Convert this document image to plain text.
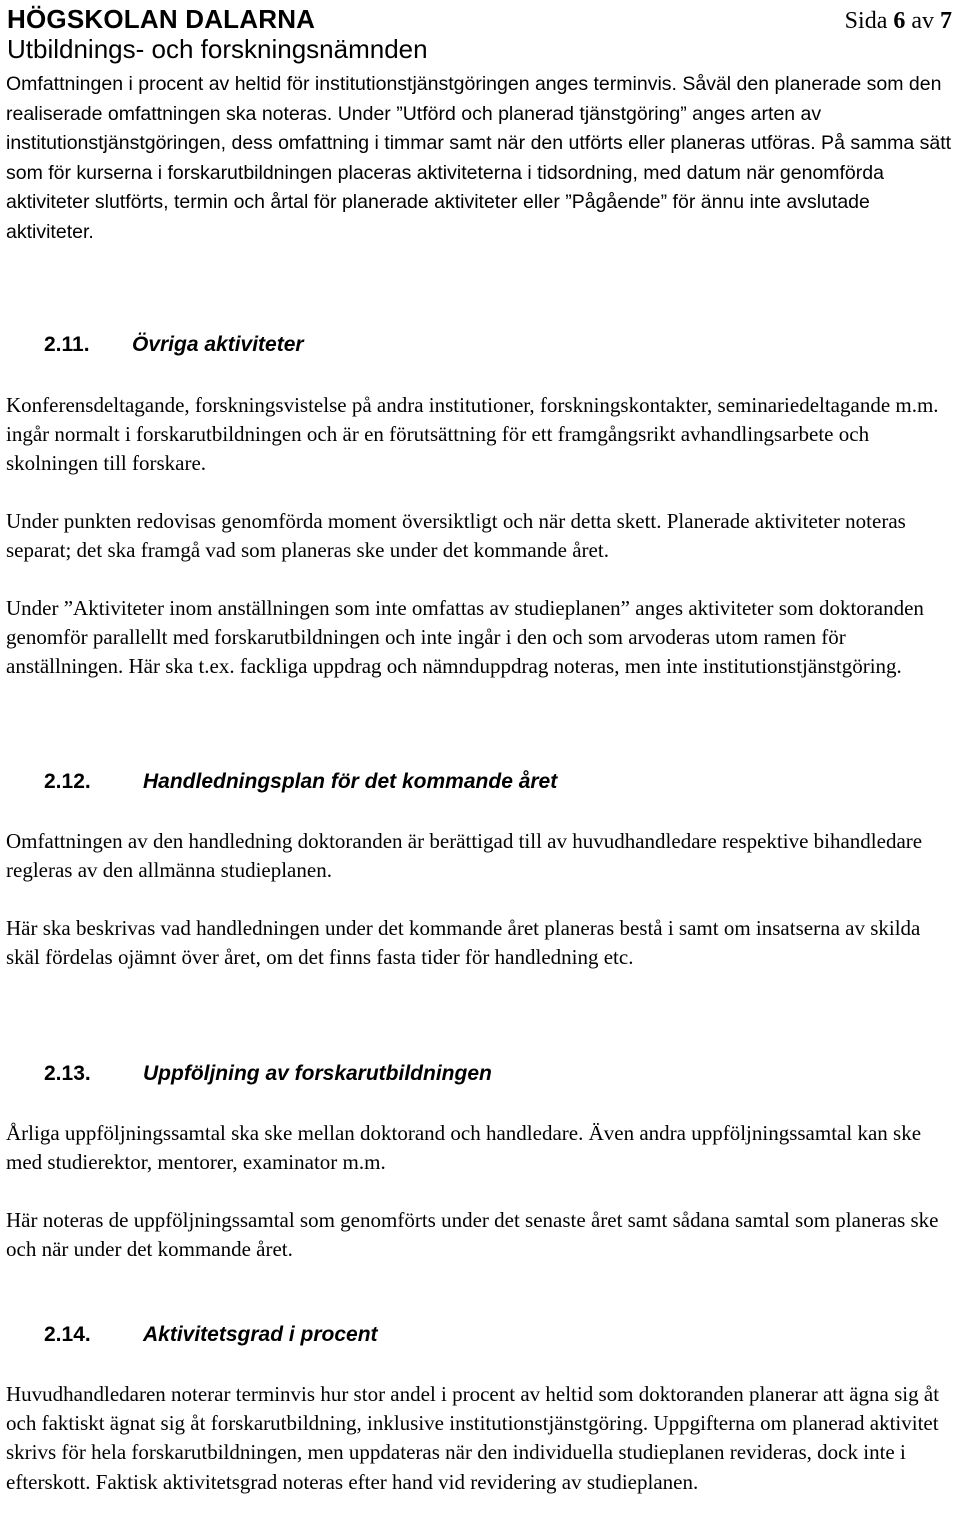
HÖGSKOLAN DALARNA
Utbildnings- och forskningsnämnden
Sida 6 av 7

Omfattningen i procent av heltid för institutionstjänstgöringen anges terminvis. Såväl den planerade som den realiserade omfattningen ska noteras. Under ”Utförd och planerad tjänstgöring” anges arten av institutionstjänstgöringen, dess omfattning i timmar samt när den utförts eller planeras utföras. På samma sätt som för kurserna i forskarutbildningen placeras aktiviteterna i tidsordning, med datum när genomförda aktiviteter slutförts, termin och årtal för planerade aktiviteter eller ”Pågående” för ännu inte avslutade aktiviteter.

2.11. Övriga aktiviteter

Konferensdeltagande, forskningsvistelse på andra institutioner, forskningskontakter, seminariedeltagande m.m. ingår normalt i forskarutbildningen och är en förutsättning för ett framgångsrikt avhandlingsarbete och skolningen till forskare.

Under punkten redovisas genomförda moment översiktligt och när detta skett. Planerade aktiviteter noteras separat; det ska framgå vad som planeras ske under det kommande året.

Under ”Aktiviteter inom anställningen som inte omfattas av studieplanen” anges aktiviteter som doktoranden genomför parallellt med forskarutbildningen och inte ingår i den och som arvoderas utom ramen för anställningen. Här ska t.ex. fackliga uppdrag och nämnduppdrag noteras, men inte institutionstjänstgöring.

2.12. Handledningsplan för det kommande året

Omfattningen av den handledning doktoranden är berättigad till av huvudhandledare respektive bihandledare regleras av den allmänna studieplanen.

Här ska beskrivas vad handledningen under det kommande året planeras bestå i samt om insatserna av skilda skäl fördelas ojämnt över året, om det finns fasta tider för handledning etc.

2.13. Uppföljning av forskarutbildningen

Årliga uppföljningssamtal ska ske mellan doktorand och handledare. Även andra uppföljningssamtal kan ske med studierektor, mentorer, examinator m.m.

Här noteras de uppföljningssamtal som genomförts under det senaste året samt sådana samtal som planeras ske och när under det kommande året.

2.14. Aktivitetsgrad i procent

Huvudhandledaren noterar terminvis hur stor andel i procent av heltid som doktoranden planerar att ägna sig åt och faktiskt ägnat sig åt forskarutbildning, inklusive institutionstjänstgöring. Uppgifterna om planerad aktivitet skrivs för hela forskarutbildningen, men uppdateras när den individuella studieplanen revideras, dock inte i efterskott. Faktisk aktivitetsgrad noteras efter hand vid revidering av studieplanen.
